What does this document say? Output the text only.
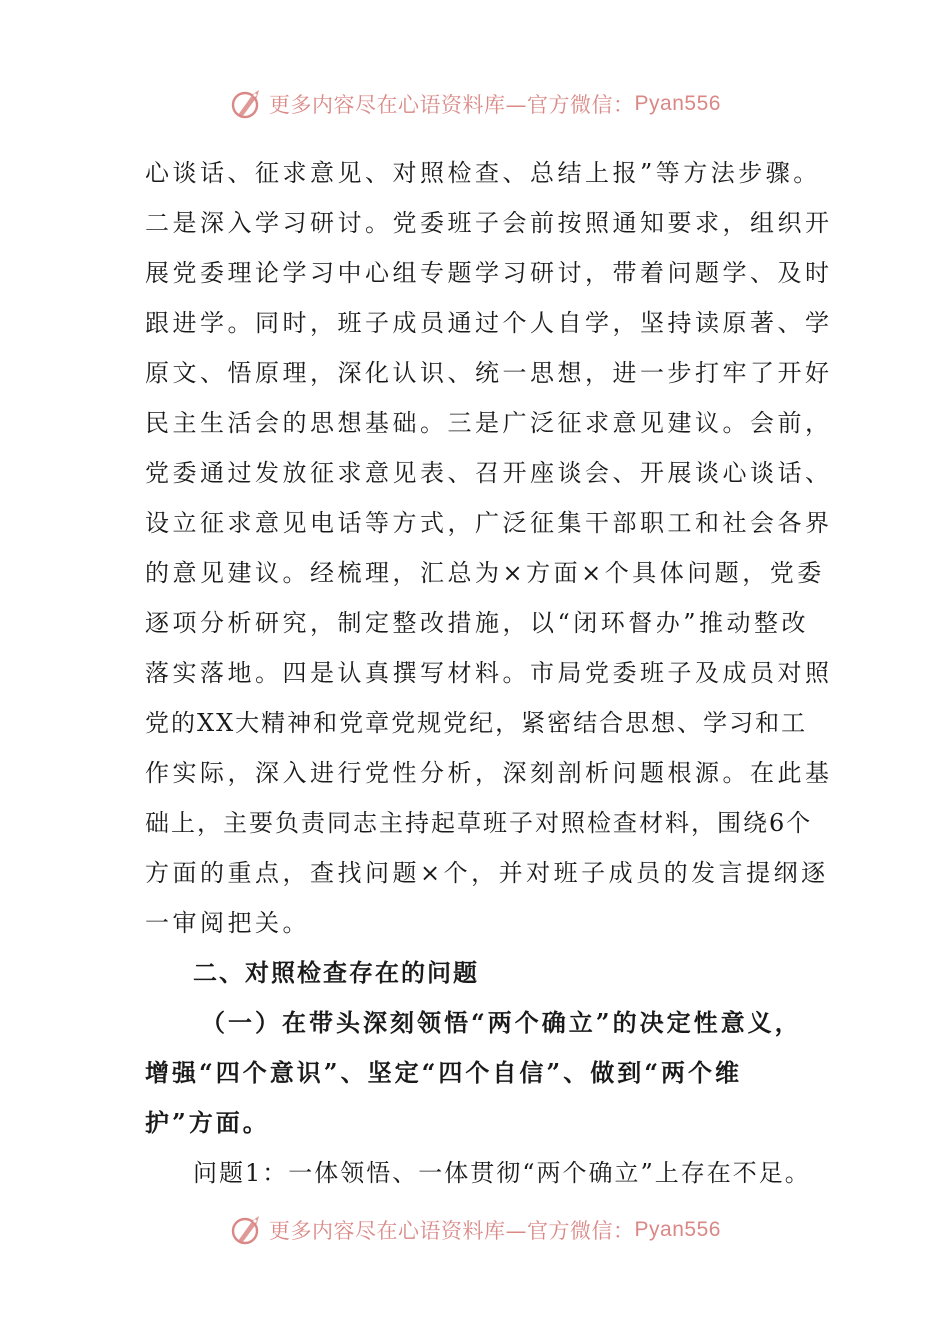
更多内容尽在心语资料库—官方微信： Pyan556
心谈话、征求意见、对照检查、总结上报”等方法步骤。
二是深入学习研讨。党委班子会前按照通知要求，组织开
展党委理论学习中心组专题学习研讨，带着问题学、及时
跟进学。同时，班子成员通过个人自学，坚持读原著、学
原文、悟原理，深化认识、统一思想，进一步打牢了开好
民主生活会的思想基础。三是广泛征求意见建议。会前，
党委通过发放征求意见表、召开座谈会、开展谈心谈话、
设立征求意见电话等方式，广泛征集干部职工和社会各界
的意见建议。经梳理，汇总为×方面×个具体问题，党委
逐项分析研究，制定整改措施，以“闭环督办”推动整改
落实落地。四是认真撰写材料。市局党委班子及成员对照
党的XX大精神和党章党规党纪，紧密结合思想、学习和工
作实际，深入进行党性分析，深刻剖析问题根源。在此基
础上，主要负责同志主持起草班子对照检查材料，围绕6个
方面的重点，查找问题×个，并对班子成员的发言提纲逐
一审阅把关。
二、对照检查存在的问题
（一）在带头深刻领悟“两个确立”的决定性意义，
增强“四个意识”、坚定“四个自信”、做到“两个维
护”方面。
问题1：一体领悟、一体贯彻“两个确立”上存在不足。
更多内容尽在心语资料库—官方微信： Pyan556
